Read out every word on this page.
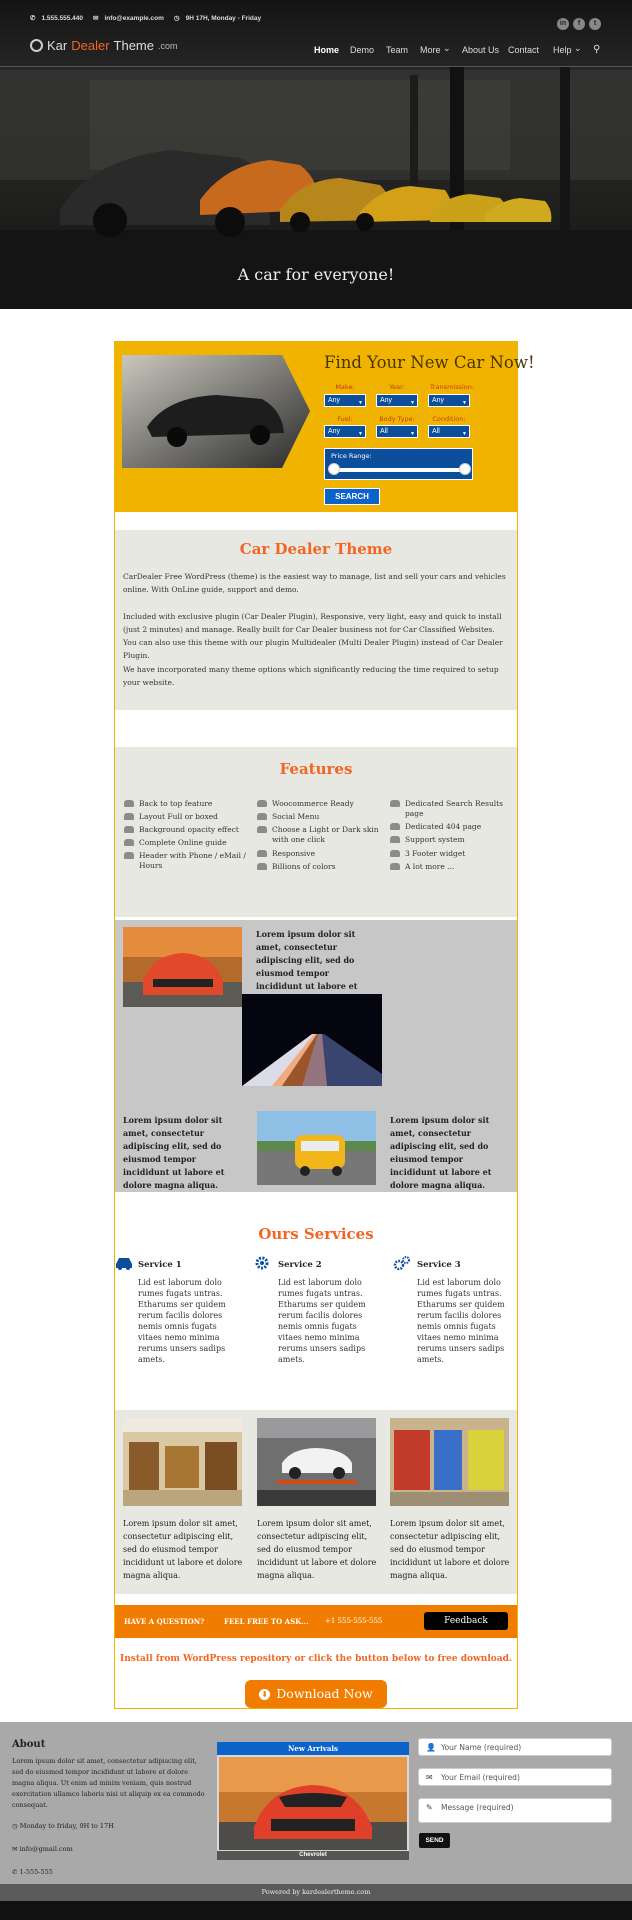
✆ 1.555.555.440 ✉ info@example.com ◷ 9H 17H, Monday - Friday
in	f	t
Kar Dealer Theme .com	Home Demo Team More ⌄ About Us Contact Help ⌄ ⚲
A car for everyone!
Find Your New Car Now!
Make:	Year:	Transmission:
Any	▼	Any	▼	Any	▼
Fuel:	Body Type:	Condition:
Any	▼	All	▼	All	▼
Price Range:
SEARCH
Car Dealer Theme

CarDealer Free WordPress (theme) is the easiest way to manage, list and sell your cars and vehicles online. With OnLine guide, support and demo.

Included with exclusive plugin (Car Dealer Plugin), Responsive, very light, easy and quick to install (just 2 minutes) and manage. Really built for Car Dealer business not for Car Classified Websites. You can also use this theme with our plugin Multidealer (Multi Dealer Plugin) instead of Car Dealer Plugin.

We have incorporated many theme options which significantly reducing the time required to setup your website.

Features
Back to top feature
Layout Full or boxed
Background opacity effect
Complete Online guide
Header with Phone / eMail / Hours
Woocommerce Ready
Social Menu
Choose a Light or Dark skin with one click
Responsive
Billions of colors
Dedicated Search Results page
Dedicated 404 page
Support system
3 Footer widget
A lot more ...

Lorem ipsum dolor sit amet, consectetur adipiscing elit, sed do eiusmod tempor incididunt ut labore et

Lorem ipsum dolor sit amet, consectetur adipiscing elit, sed do eiusmod tempor incididunt ut labore et dolore magna aliqua.

Lorem ipsum dolor sit amet, consectetur adipiscing elit, sed do eiusmod tempor incididunt ut labore et dolore magna aliqua.

Ours Services
Service 1

Lid est laborum dolo rumes fugats untras. Etharums ser quidem rerum facilis dolores nemis omnis fugats vitaes nemo minima rerums unsers sadips amets.

Service 2

Lid est laborum dolo rumes fugats untras. Etharums ser quidem rerum facilis dolores nemis omnis fugats vitaes nemo minima rerums unsers sadips amets.

Service 3

Lid est laborum dolo rumes fugats untras. Etharums ser quidem rerum facilis dolores nemis omnis fugats vitaes nemo minima rerums unsers sadips amets.

Lorem ipsum dolor sit amet, consectetur adipiscing elit, sed do eiusmod tempor incididunt ut labore et dolore magna aliqua.

Lorem ipsum dolor sit amet, consectetur adipiscing elit, sed do eiusmod tempor incididunt ut labore et dolore magna aliqua.

Lorem ipsum dolor sit amet, consectetur adipiscing elit, sed do eiusmod tempor incididunt ut labore et dolore magna aliqua.

HAVE A QUESTION?	FEEL FREE TO ASK... +1 555-555-555	Feedback
Install from WordPress repository or click the button below to free download.
⬇ Download Now
About

Lorem ipsum dolor sit amet, consectetur adipiscing elit, sed do eiusmod tempor incididunt ut labore et dolore magna aliqua. Ut enim ad minim veniam, quis nostrud exercitation ullamco laboris nisi ut aliquip ex ea commodo consequat.

◷ Monday to friday, 9H to 17H
✉ info@gmail.com
✆ 1-555-555
New Arrivals
Chevrolet
👤 Your Name (required)
✉ Your Email (required)
✎ Message (required)
SEND
Powered by kardealertheme.com
